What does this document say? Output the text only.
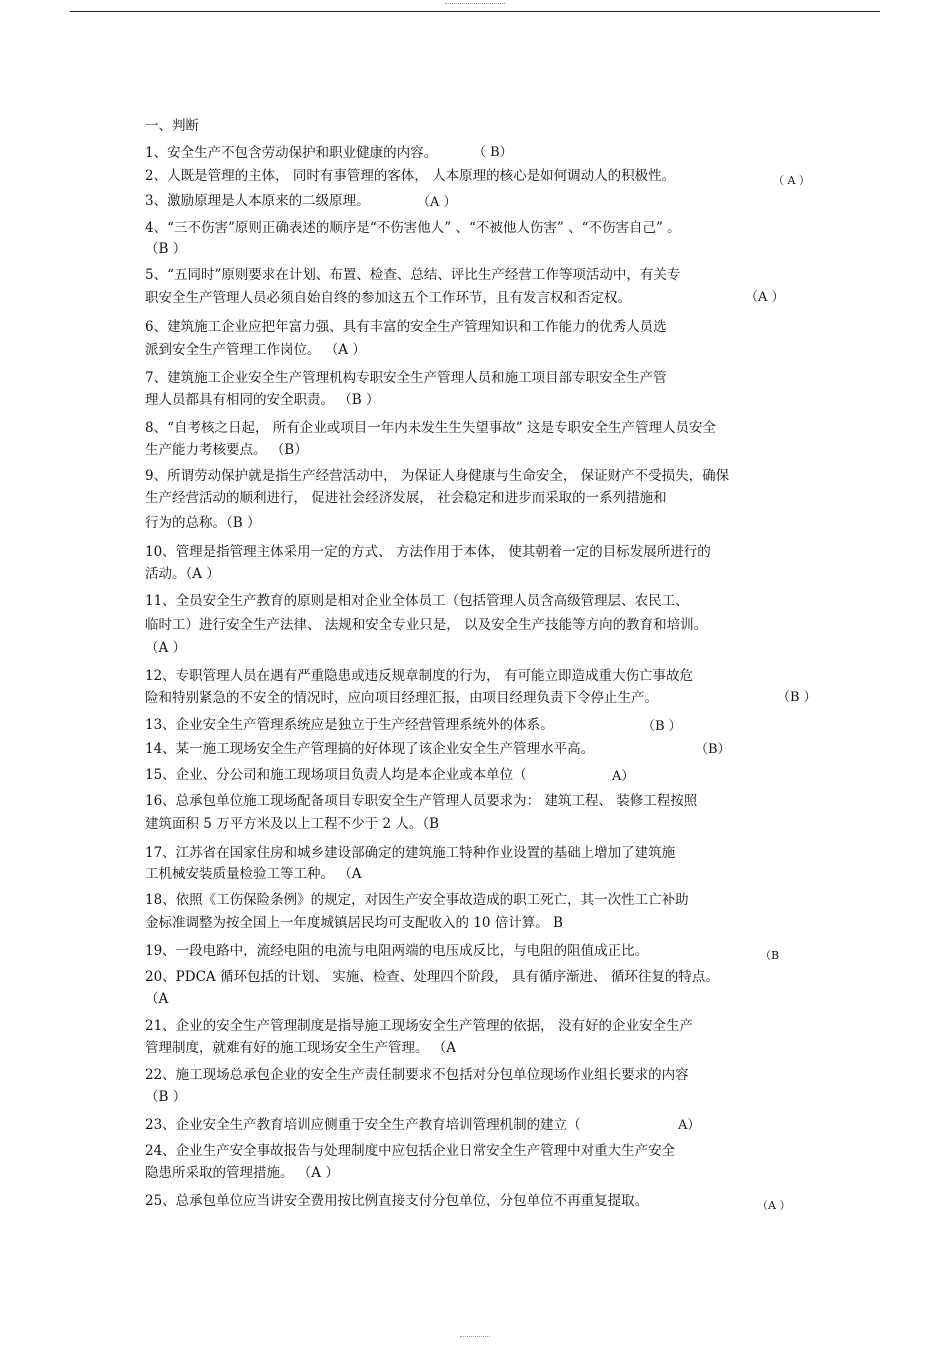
一、判断
1、安全生产不包含劳动保护和职业健康的内容。	（ B）
2、人既是管理的主体， 同时有事管理的客体， 人本原理的核心是如何调动人的积极性。	（ A ）
3、激励原理是人本原来的二级原理。	（A ）
4、“三不伤害”原则正确表述的顺序是“不伤害他人” 、“不被他人伤害” 、“不伤害自己” 。
（B ）
5、“五同时”原则要求在计划、布置、检查、总结、评比生产经营工作等项活动中，有关专
职安全生产管理人员必须自始自终的参加这五个工作环节，且有发言权和否定权。	（A ）
6、建筑施工企业应把年富力强、具有丰富的安全生产管理知识和工作能力的优秀人员选
派到安全生产管理工作岗位。 （A ）
7、建筑施工企业安全生产管理机构专职安全生产管理人员和施工项目部专职安全生产管
理人员都具有相同的安全职责。 （B ）
8、“自考核之日起， 所有企业或项目一年内未发生生失望事故” 这是专职安全生产管理人员安全
生产能力考核要点。 （B）
9、所谓劳动保护就是指生产经营活动中， 为保证人身健康与生命安全， 保证财产不受损失，确保
生产经营活动的顺利进行， 促进社会经济发展， 社会稳定和进步而采取的一系列措施和
行为的总称。（B ）
10、管理是指管理主体采用一定的方式、 方法作用于本体， 使其朝着一定的目标发展所进行的
活动。（A ）
11、全员安全生产教育的原则是相对企业全体员工（包括管理人员含高级管理层、农民工、
临时工）进行安全生产法律、 法规和安全专业只是， 以及安全生产技能等方向的教育和培训。
（A ）
12、专职管理人员在遇有严重隐患或违反规章制度的行为， 有可能立即造成重大伤亡事故危
险和特别紧急的不安全的情况时，应向项目经理汇报，由项目经理负责下令停止生产。	（B ）
13、企业安全生产管理系统应是独立于生产经营管理系统外的体系。	（B ）
14、某一施工现场安全生产管理搞的好体现了该企业安全生产管理水平高。	（B）
15、企业、分公司和施工现场项目负责人均是本企业或本单位（	A）
16、总承包单位施工现场配备项目专职安全生产管理人员要求为： 建筑工程、 装修工程按照
建筑面积 5 万平方米及以上工程不少于 2 人。（B
17、江苏省在国家住房和城乡建设部确定的建筑施工特种作业设置的基础上增加了建筑施
工机械安装质量检验工等工种。 （A
18、依照《工伤保险条例》的规定，对因生产安全事故造成的职工死亡，其一次性工亡补助
金标准调整为按全国上一年度城镇居民均可支配收入的 10 倍计算。 B
19、一段电路中，流经电阻的电流与电阻两端的电压成反比，与电阻的阻值成正比。	（B
20、PDCA 循环包括的计划、 实施、检查、处理四个阶段， 具有循序渐进、 循环往复的特点。
（A
21、企业的安全生产管理制度是指导施工现场安全生产管理的依据， 没有好的企业安全生产
管理制度，就难有好的施工现场安全生产管理。 （A
22、施工现场总承包企业的安全生产责任制要求不包括对分包单位现场作业组长要求的内容
（B ）
23、企业安全生产教育培训应侧重于安全生产教育培训管理机制的建立（	A）
24、企业生产安全事故报告与处理制度中应包括企业日常安全生产管理中对重大生产安全
隐患所采取的管理措施。 （A ）
25、总承包单位应当讲安全费用按比例直接支付分包单位，分包单位不再重复提取。	（A ）
